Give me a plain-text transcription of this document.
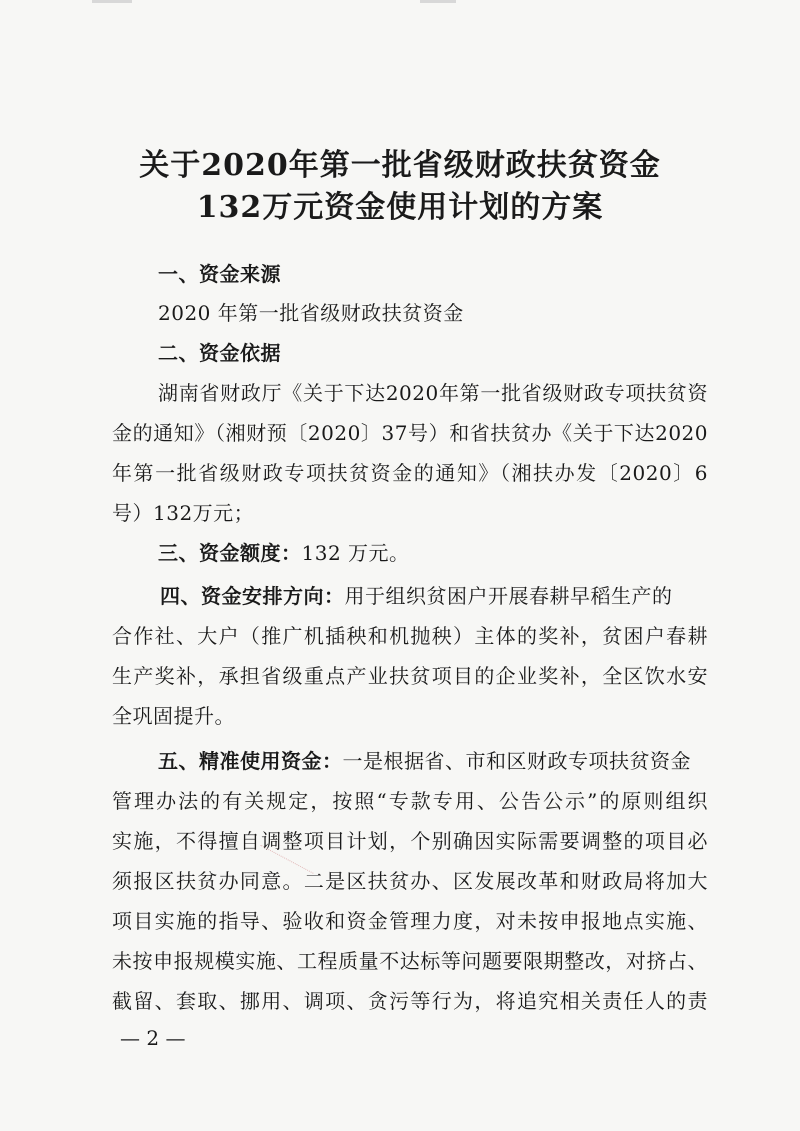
关于2020年第一批省级财政扶贫资金
132万元资金使用计划的方案
一、资金来源
2020 年第一批省级财政扶贫资金
二、资金依据
湖南省财政厅《关于下达2020年第一批省级财政专项扶贫资
金的通知》（湘财预〔2020〕37号）和省扶贫办《关于下达2020
年第一批省级财政专项扶贫资金的通知》（湘扶办发〔2020〕6
号）132万元；
三、资金额度：132 万元。
四、资金安排方向：用于组织贫困户开展春耕早稻生产的
合作社、大户（推广机插秧和机抛秧）主体的奖补，贫困户春耕
生产奖补，承担省级重点产业扶贫项目的企业奖补，全区饮水安
全巩固提升。
五、精准使用资金：一是根据省、市和区财政专项扶贫资金
管理办法的有关规定，按照“专款专用、公告公示”的原则组织
实施，不得擅自调整项目计划，个别确因实际需要调整的项目必
须报区扶贫办同意。二是区扶贫办、区发展改革和财政局将加大
项目实施的指导、验收和资金管理力度，对未按申报地点实施、
未按申报规模实施、工程质量不达标等问题要限期整改，对挤占、
截留、套取、挪用、调项、贪污等行为，将追究相关责任人的责
— 2 —
